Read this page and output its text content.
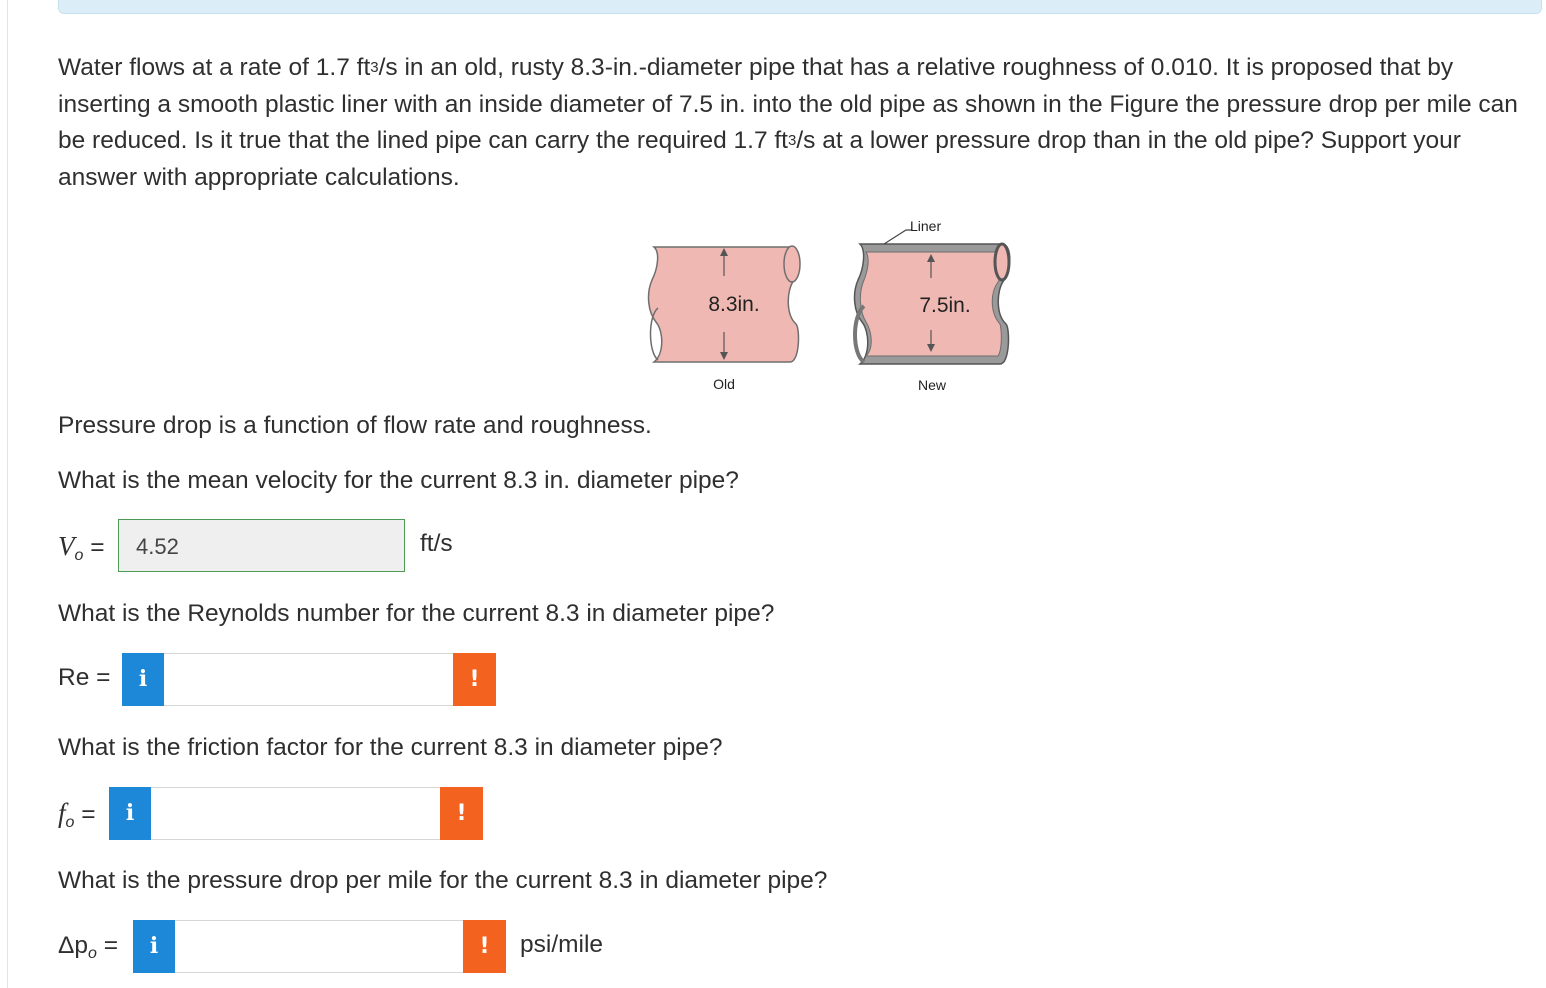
Water flows at a rate of 1.7 $ft^3/s$ in an old, rusty 8.3-in.-diameter pipe that has a relative roughness of 0.010. It is proposed that by inserting a smooth plastic liner with an inside diameter of 7.5 in. into the old pipe as shown in the Figure the pressure drop per mile can be reduced. Is it true that the lined pipe can carry the required 1.7 $ft^3/s$ at a lower pressure drop than in the old pipe? Support your answer with appropriate calculations.
8.3in.
Old
7.5in.
New
Liner
Pressure drop is a function of flow rate and roughness.
What is the mean velocity for the current 8.3 in. diameter pipe?
$V_o$ =	4.52	ft/s
What is the Reynolds number for the current 8.3 in diameter pipe?
Re =	i	!
What is the friction factor for the current 8.3 in diameter pipe?
$f_o$ =	i	!
What is the pressure drop per mile for the current 8.3 in diameter pipe?
$\Delta p_o$ =	i	!	psi/mile
